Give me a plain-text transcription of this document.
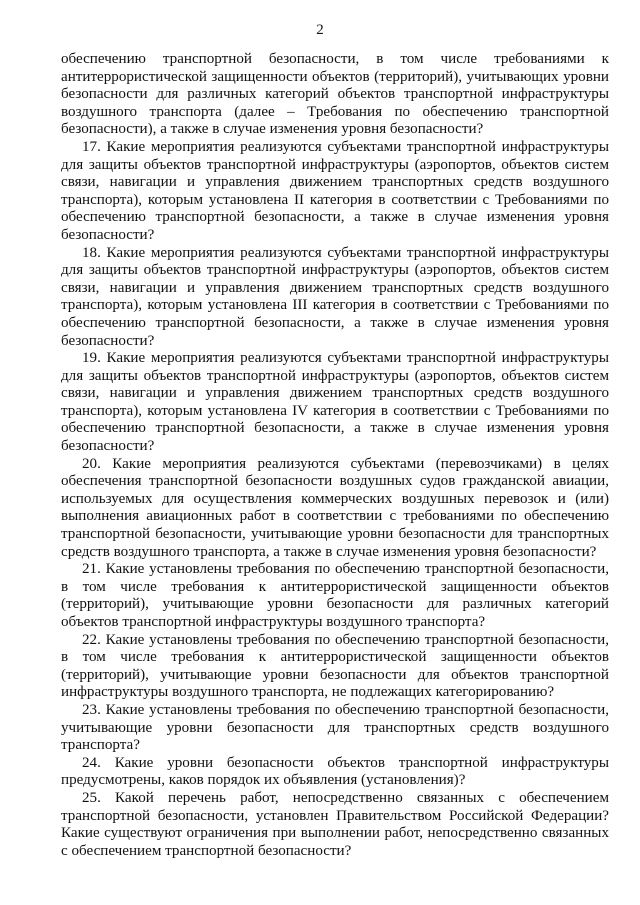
2

обеспечению транспортной безопасности, в том числе требованиями к антитеррористической защищенности объектов (территорий), учитывающих уровни безопасности для различных категорий объектов транспортной инфраструктуры воздушного транспорта (далее – Требования по обеспечению транспортной безопасности), а также в случае изменения уровня безопасности?

17. Какие мероприятия реализуются субъектами транспортной инфраструктуры для защиты объектов транспортной инфраструктуры (аэропортов, объектов систем связи, навигации и управления движением транспортных средств воздушного транспорта), которым установлена II категория в соответствии с Требованиями по обеспечению транспортной безопасности, а также в случае изменения уровня безопасности?

18. Какие мероприятия реализуются субъектами транспортной инфраструктуры для защиты объектов транспортной инфраструктуры (аэропортов, объектов систем связи, навигации и управления движением транспортных средств воздушного транспорта), которым установлена III категория в соответствии с Требованиями по обеспечению транспортной безопасности, а также в случае изменения уровня безопасности?

19. Какие мероприятия реализуются субъектами транспортной инфраструктуры для защиты объектов транспортной инфраструктуры (аэропортов, объектов систем связи, навигации и управления движением транспортных средств воздушного транспорта), которым установлена IV категория в соответствии с Требованиями по обеспечению транспортной безопасности, а также в случае изменения уровня безопасности?

20. Какие мероприятия реализуются субъектами (перевозчиками) в целях обеспечения транспортной безопасности воздушных судов гражданской авиации, используемых для осуществления коммерческих воздушных перевозок и (или) выполнения авиационных работ в соответствии с требованиями по обеспечению транспортной безопасности, учитывающие уровни безопасности для транспортных средств воздушного транспорта, а также в случае изменения уровня безопасности?

21. Какие установлены требования по обеспечению транспортной безопасности, в том числе требования к антитеррористической защищенности объектов (территорий), учитывающие уровни безопасности для различных категорий объектов транспортной инфраструктуры воздушного транспорта?

22. Какие установлены требования по обеспечению транспортной безопасности, в том числе требования к антитеррористической защищенности объектов (территорий), учитывающие уровни безопасности для объектов транспортной инфраструктуры воздушного транспорта, не подлежащих категорированию?

23. Какие установлены требования по обеспечению транспортной безопасности, учитывающие уровни безопасности для транспортных средств воздушного транспорта?

24. Какие уровни безопасности объектов транспортной инфраструктуры предусмотрены, каков порядок их объявления (установления)?

25. Какой перечень работ, непосредственно связанных с обеспечением транспортной безопасности, установлен Правительством Российской Федерации? Какие существуют ограничения при выполнении работ, непосредственно связанных с обеспечением транспортной безопасности?
